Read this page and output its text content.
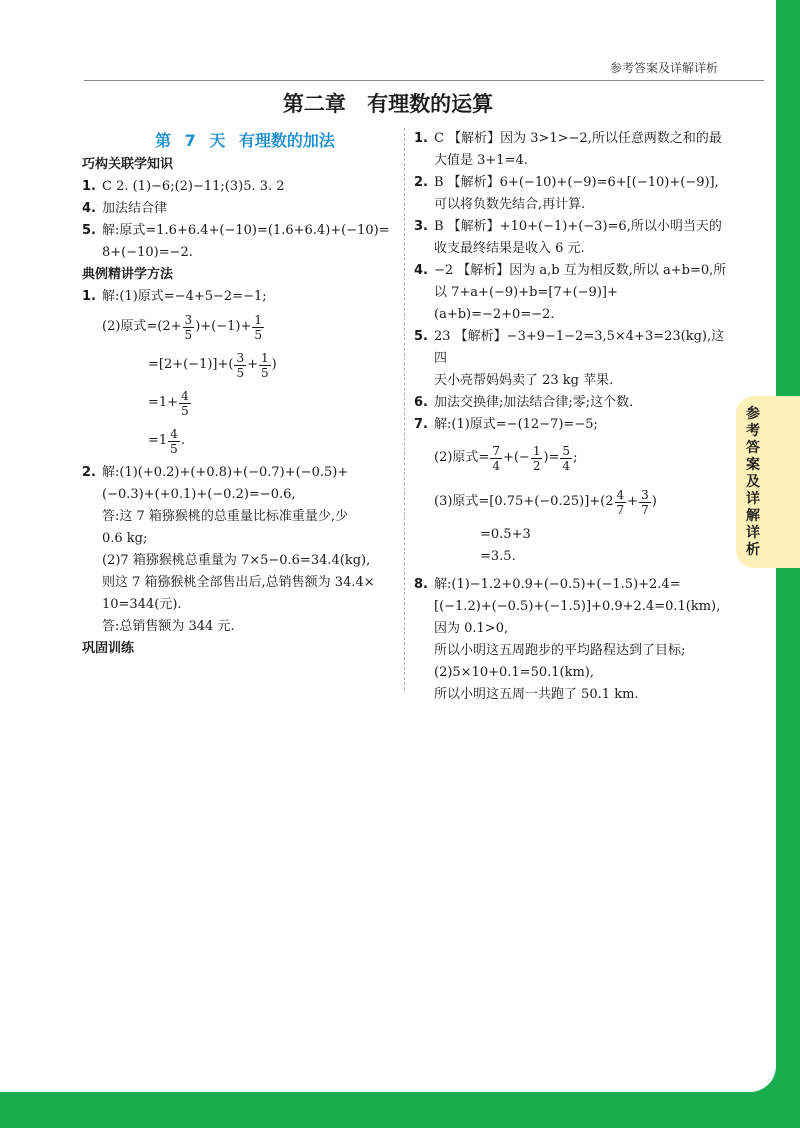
参
考
答
案
及
详
解
详
析
参考答案及详解详析
第二章 有理数的运算
第 7 天 有理数的加法
巧构关联学知识
1. C 2. (1)−6;(2)−11;(3)5. 3. 2
4. 加法结合律
5. 解:原式=1.6+6.4+(−10)=(1.6+6.4)+(−10)=
8+(−10)=−2.
典例精讲学方法
1. 解:(1)原式=−4+5−2=−1;
(2)原式$=(2+ \frac{3}{5} )+(-1)+ \frac{1}{5}$
$=[2+(-1)]+( \frac{3}{5} + \frac{1}{5}$ )
$=1+ \frac{4}{5}$
$=1 \frac{4}{5}$ .
2. 解:(1)(+0.2)+(+0.8)+(−0.7)+(−0.5)+
(−0.3)+(+0.1)+(−0.2)=−0.6,
答:这 7 箱猕猴桃的总重量比标准重量少,少
0.6 kg;
(2)7 箱猕猴桃总重量为 7×5−0.6=34.4(kg),
则这 7 箱猕猴桃全部售出后,总销售额为 34.4×
10=344(元).
答:总销售额为 344 元.
巩固训练
1. C 【解析】因为 3>1>−2,所以任意两数之和的最
大值是 3+1=4.
2. B 【解析】6+(−10)+(−9)=6+[(−10)+(−9)],
可以将负数先结合,再计算.
3. B 【解析】+10+(−1)+(−3)=6,所以小明当天的
收支最终结果是收入 6 元.
4. −2 【解析】因为 a,b 互为相反数,所以 a+b=0,所
以 7+a+(−9)+b=[7+(−9)]+(a+b)=−2+0=−2.
5. 23 【解析】−3+9−1−2=3,5×4+3=23(kg),这四
天小亮帮妈妈卖了 23 kg 苹果.
6. 加法交换律;加法结合律;零;这个数.
7. 解:(1)原式=−(12−7)=−5;
(2)原式= $\frac{7}{4}$ +(− $\frac{1}{2}$ )= $\frac{5}{4}$ ;
(3)原式$=[0.75+(-0.25)]+(2 \frac{4}{7} + \frac{3}{7}$ )
=0.5+3
=3.5.
8. 解:(1)−1.2+0.9+(−0.5)+(−1.5)+2.4=
[(−1.2)+(−0.5)+(−1.5)]+0.9+2.4=0.1(km),
因为 0.1>0,
所以小明这五周跑步的平均路程达到了目标;
(2)5×10+0.1=50.1(km),
所以小明这五周一共跑了 50.1 km.
